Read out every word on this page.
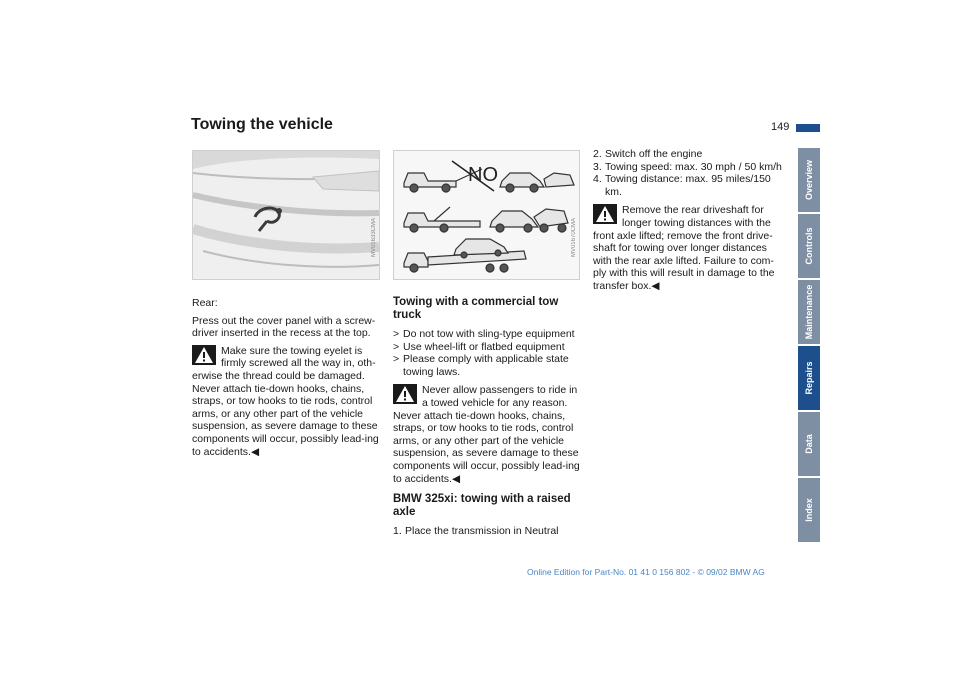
Towing the vehicle	149
MV01633CMA
NO
MV01670CMA

Rear:

Press out the cover panel with a screw-driver inserted in the recess at the top.

Make sure the towing eyelet is firmly screwed all the way in, oth-erwise the thread could be damaged. Never attach tie-down hooks, chains, straps, or tow hooks to tie rods, control arms, or any other part of the vehicle suspension, as severe damage to these components will occur, possibly lead-ing to accidents.◀
Towing with a commercial tow truck
> Do not tow with sling-type equipment
> Use wheel-lift or flatbed equipment
> Please comply with applicable state towing laws.
Never allow passengers to ride in a towed vehicle for any reason. Never attach tie-down hooks, chains, straps, or tow hooks to tie rods, control arms, or any other part of the vehicle suspension, as severe damage to these components will occur, possibly lead-ing to accidents.◀
BMW 325xi: towing with a raised axle
1. Place the transmission in Neutral
2. Switch off the engine
3. Towing speed: max. 30 mph / 50 km/h
4. Towing distance: max. 95 miles/150 km.
Remove the rear driveshaft for longer towing distances with the front axle lifted; remove the front drive-shaft for towing over longer distances with the rear axle lifted. Failure to com-ply with this will result in damage to the transfer box.◀
Overview
Controls
Maintenance
Repairs
Data
Index
Online Edition for Part-No. 01 41 0 156 802 - © 09/02 BMW AG
